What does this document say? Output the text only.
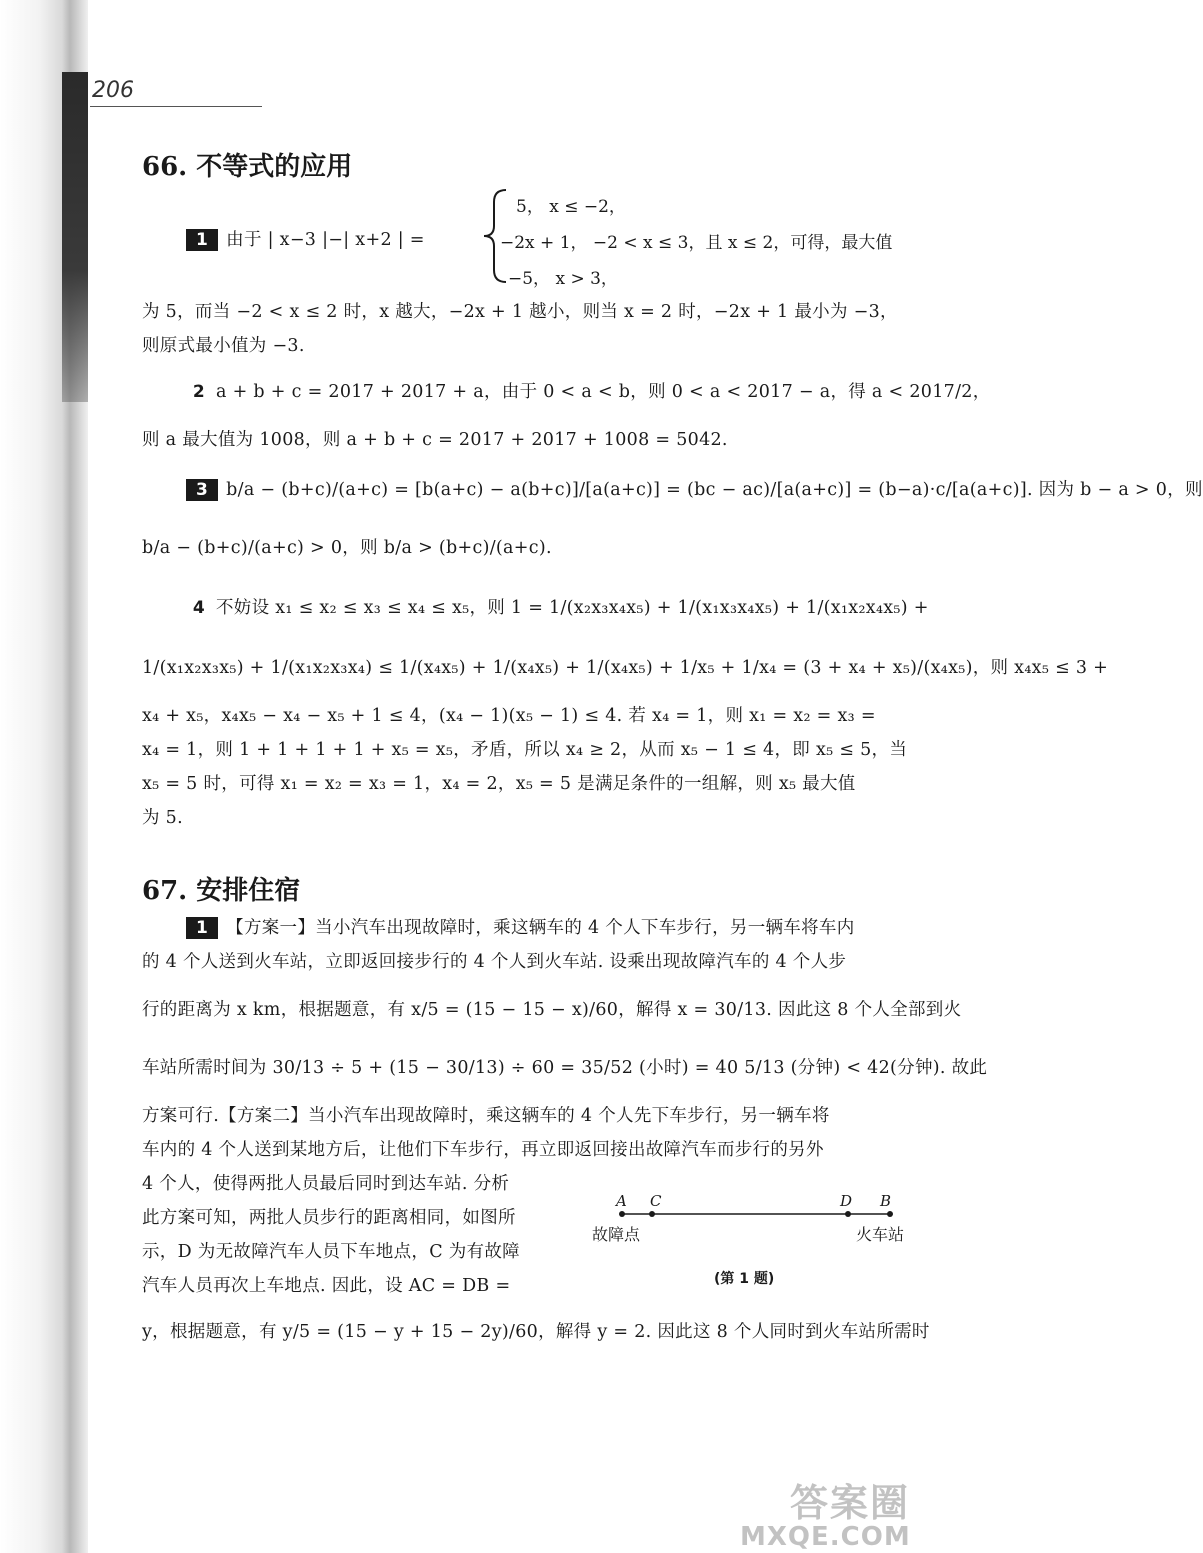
206
66. 不等式的应用
1 由于 | x−3 |−| x+2 | =
5， x ≤ −2，
−2x + 1， −2 < x ≤ 3，且 x ≤ 2，可得，最大值
−5， x > 3，
为 5，而当 −2 < x ≤ 2 时，x 越大，−2x + 1 越小，则当 x = 2 时，−2x + 1 最小为 −3，
则原式最小值为 −3.
2 a + b + c = 2017 + 2017 + a，由于 0 < a < b，则 0 < a < 2017 − a，得 a < 2017/2，
则 a 最大值为 1008，则 a + b + c = 2017 + 2017 + 1008 = 5042.
3 b/a − (b+c)/(a+c) = [b(a+c) − a(b+c)]/[a(a+c)] = (bc − ac)/[a(a+c)] = (b−a)·c/[a(a+c)]. 因为 b − a > 0，则
b/a − (b+c)/(a+c) > 0，则 b/a > (b+c)/(a+c).
4 不妨设 x₁ ≤ x₂ ≤ x₃ ≤ x₄ ≤ x₅，则 1 = 1/(x₂x₃x₄x₅) + 1/(x₁x₃x₄x₅) + 1/(x₁x₂x₄x₅) +
1/(x₁x₂x₃x₅) + 1/(x₁x₂x₃x₄) ≤ 1/(x₄x₅) + 1/(x₄x₅) + 1/(x₄x₅) + 1/x₅ + 1/x₄ = (3 + x₄ + x₅)/(x₄x₅)，则 x₄x₅ ≤ 3 +
x₄ + x₅，x₄x₅ − x₄ − x₅ + 1 ≤ 4，(x₄ − 1)(x₅ − 1) ≤ 4. 若 x₄ = 1，则 x₁ = x₂ = x₃ =
x₄ = 1，则 1 + 1 + 1 + 1 + x₅ = x₅，矛盾，所以 x₄ ≥ 2，从而 x₅ − 1 ≤ 4，即 x₅ ≤ 5，当
x₅ = 5 时，可得 x₁ = x₂ = x₃ = 1，x₄ = 2，x₅ = 5 是满足条件的一组解，则 x₅ 最大值
为 5.
67. 安排住宿
1 【方案一】当小汽车出现故障时，乘这辆车的 4 个人下车步行，另一辆车将车内
的 4 个人送到火车站，立即返回接步行的 4 个人到火车站. 设乘出现故障汽车的 4 个人步
行的距离为 x km，根据题意，有 x/5 = (15 − 15 − x)/60，解得 x = 30/13. 因此这 8 个人全部到火
车站所需时间为 30/13 ÷ 5 + (15 − 30/13) ÷ 60 = 35/52 (小时) = 40 5/13 (分钟) < 42(分钟). 故此
方案可行.【方案二】当小汽车出现故障时，乘这辆车的 4 个人先下车步行，另一辆车将
车内的 4 个人送到某地方后，让他们下车步行，再立即返回接出故障汽车而步行的另外
4 个人，使得两批人员最后同时到达车站. 分析
此方案可知，两批人员步行的距离相同，如图所
示，D 为无故障汽车人员下车地点，C 为有故障
汽车人员再次上车地点. 因此，设 AC = DB =
y，根据题意，有 y/5 = (15 − y + 15 − 2y)/60，解得 y = 2. 因此这 8 个人同时到火车站所需时
A C	D B
故障点	火车站
(第 1 题)
答案圈
MXQE.COM
